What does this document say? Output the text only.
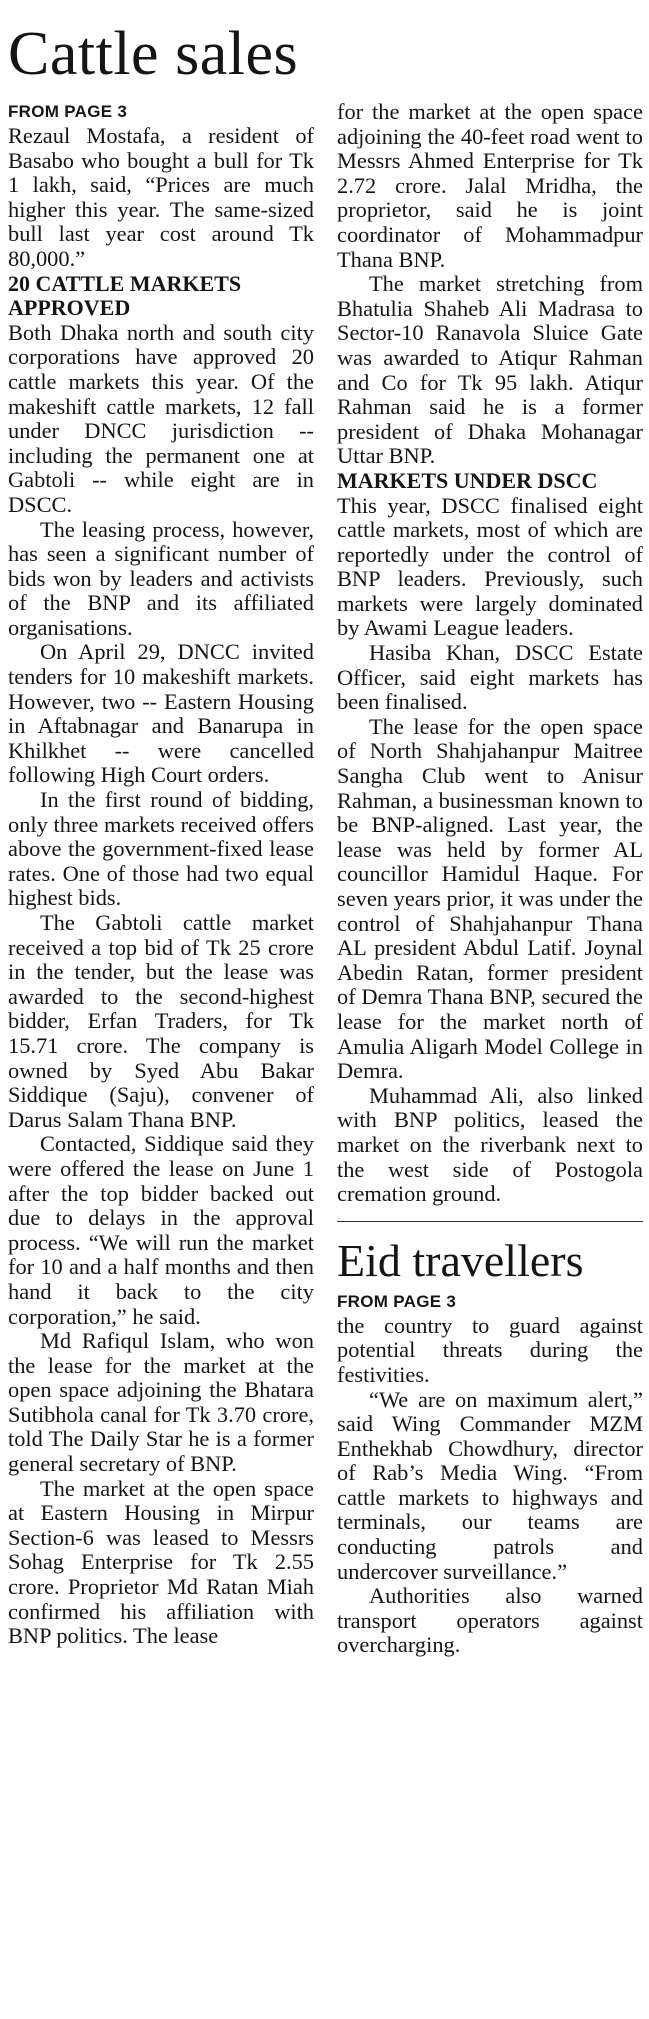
Cattle sales
FROM PAGE 3

Rezaul Mostafa, a resident of Basabo who bought a bull for Tk 1 lakh, said, “Prices are much higher this year. The same-sized bull last year cost around Tk 80,000.”

20 CATTLE MARKETS APPROVED

Both Dhaka north and south city corporations have approved 20 cattle markets this year. Of the makeshift cattle markets, 12 fall under DNCC jurisdiction -- including the permanent one at Gabtoli -- while eight are in DSCC.

The leasing process, however, has seen a significant number of bids won by leaders and activists of the BNP and its affiliated organisations.

On April 29, DNCC invited tenders for 10 makeshift markets. However, two -- Eastern Housing in Aftabnagar and Banarupa in Khilkhet -- were cancelled following High Court orders.

In the first round of bidding, only three markets received offers above the government-fixed lease rates. One of those had two equal highest bids.

The Gabtoli cattle market received a top bid of Tk 25 crore in the tender, but the lease was awarded to the second-highest bidder, Erfan Traders, for Tk 15.71 crore. The company is owned by Syed Abu Bakar Siddique (Saju), convener of Darus Salam Thana BNP.

Contacted, Siddique said they were offered the lease on June 1 after the top bidder backed out due to delays in the approval process. “We will run the market for 10 and a half months and then hand it back to the city corporation,” he said.

Md Rafiqul Islam, who won the lease for the market at the open space adjoining the Bhatara Sutibhola canal for Tk 3.70 crore, told The Daily Star he is a former general secretary of BNP.

The market at the open space at Eastern Housing in Mirpur Section-6 was leased to Messrs Sohag Enterprise for Tk 2.55 crore. Proprietor Md Ratan Miah confirmed his affiliation with BNP politics. The lease

for the market at the open space adjoining the 40-feet road went to Messrs Ahmed Enterprise for Tk 2.72 crore. Jalal Mridha, the proprietor, said he is joint coordinator of Mohammadpur Thana BNP.

The market stretching from Bhatulia Shaheb Ali Madrasa to Sector-10 Ranavola Sluice Gate was awarded to Atiqur Rahman and Co for Tk 95 lakh. Atiqur Rahman said he is a former president of Dhaka Mohanagar Uttar BNP.

MARKETS UNDER DSCC

This year, DSCC finalised eight cattle markets, most of which are reportedly under the control of BNP leaders. Previously, such markets were largely dominated by Awami League leaders.

Hasiba Khan, DSCC Estate Officer, said eight markets has been finalised.

The lease for the open space of North Shahjahanpur Maitree Sangha Club went to Anisur Rahman, a businessman known to be BNP-aligned. Last year, the lease was held by former AL councillor Hamidul Haque. For seven years prior, it was under the control of Shahjahanpur Thana AL president Abdul Latif. Joynal Abedin Ratan, former president of Demra Thana BNP, secured the lease for the market north of Amulia Aligarh Model College in Demra.

Muhammad Ali, also linked with BNP politics, leased the market on the riverbank next to the west side of Postogola cremation ground.

Eid travellers
FROM PAGE 3

the country to guard against potential threats during the festivities.

“We are on maximum alert,” said Wing Commander MZM Enthekhab Chowdhury, director of Rab’s Media Wing. “From cattle markets to highways and terminals, our teams are conducting patrols and undercover surveillance.”

Authorities also warned transport operators against overcharging.
